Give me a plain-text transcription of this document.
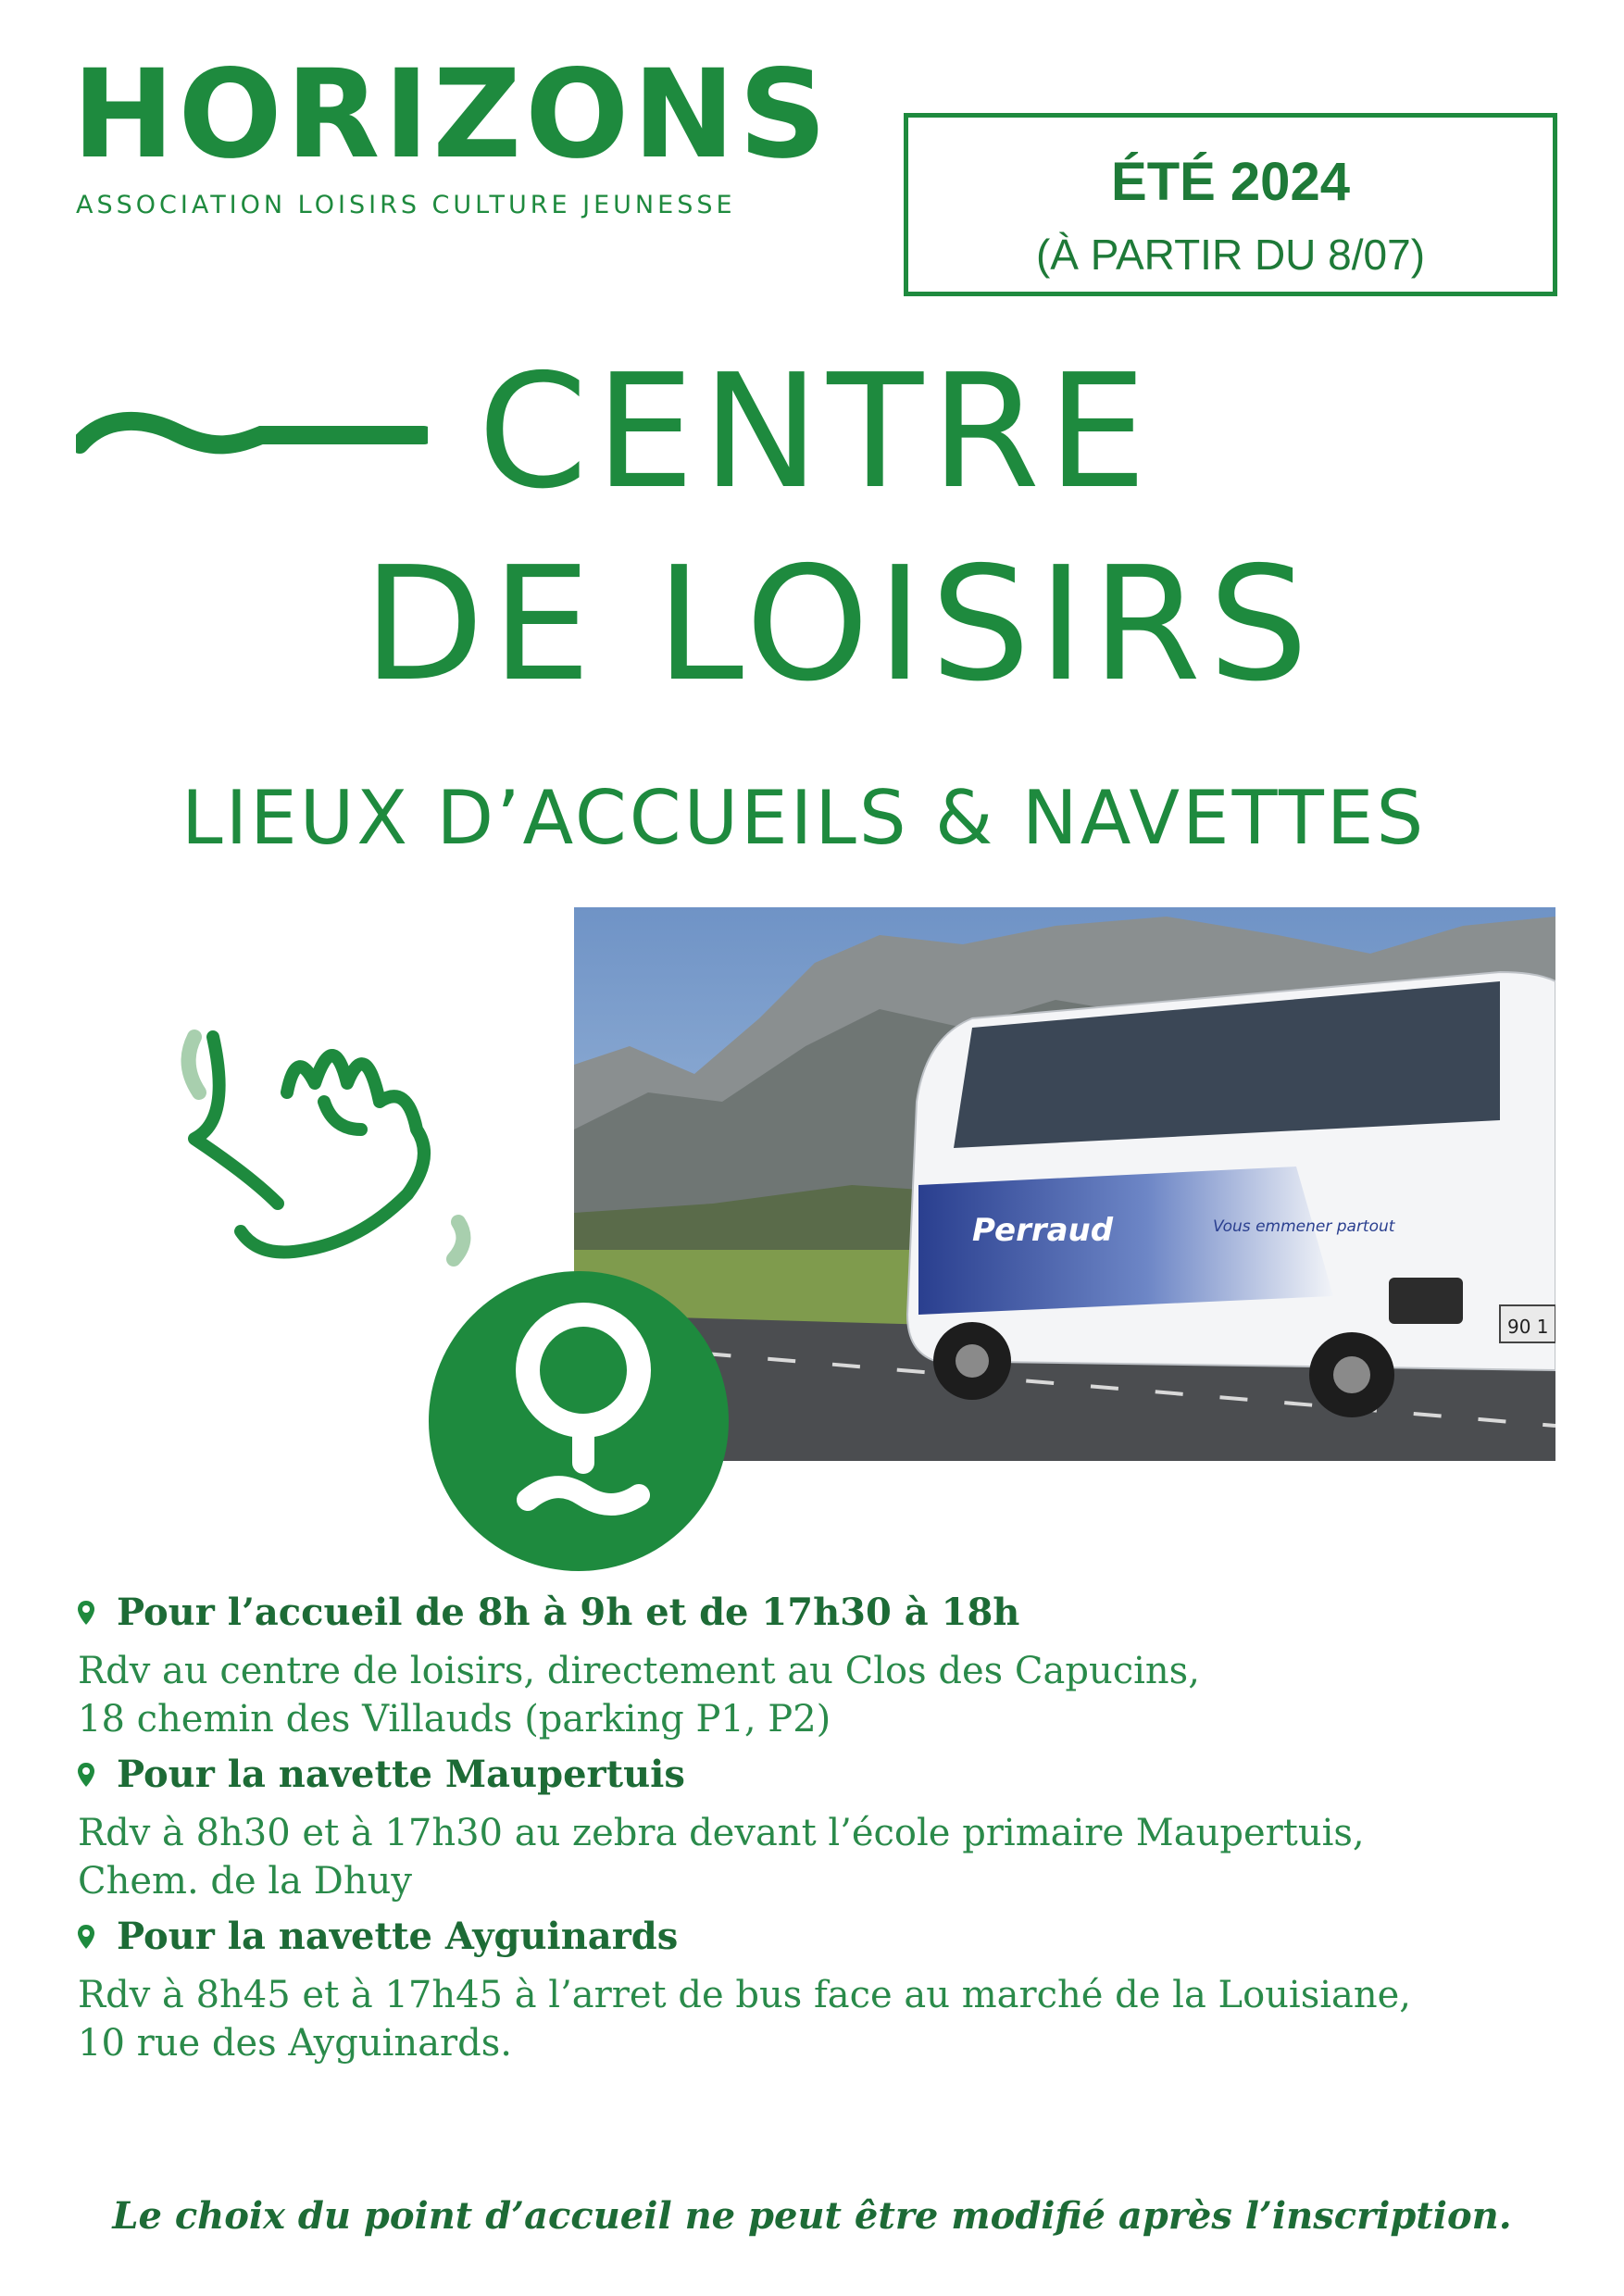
HORIZONS
ASSOCIATION LOISIRS CULTURE JEUNESSE	ÉTÉ 2024
(À PARTIR DU 8/07)
CENTRE
DE LOISIRS
LIEUX D’ACCUEILS & NAVETTES
Perraud	Vous emmener partout
90 1
Pour l’accueil de 8h à 9h et de 17h30 à 18h
Rdv au centre de loisirs, directement au Clos des Capucins,
18 chemin des Villauds (parking P1, P2)
Pour la navette Maupertuis
Rdv à 8h30 et à 17h30 au zebra devant l’école primaire Maupertuis,
Chem. de la Dhuy
Pour la navette Ayguinards
Rdv à 8h45 et à 17h45 à l’arret de bus face au marché de la Louisiane,
10 rue des Ayguinards.
Le choix du point d’accueil ne peut être modifié après l’inscription.
